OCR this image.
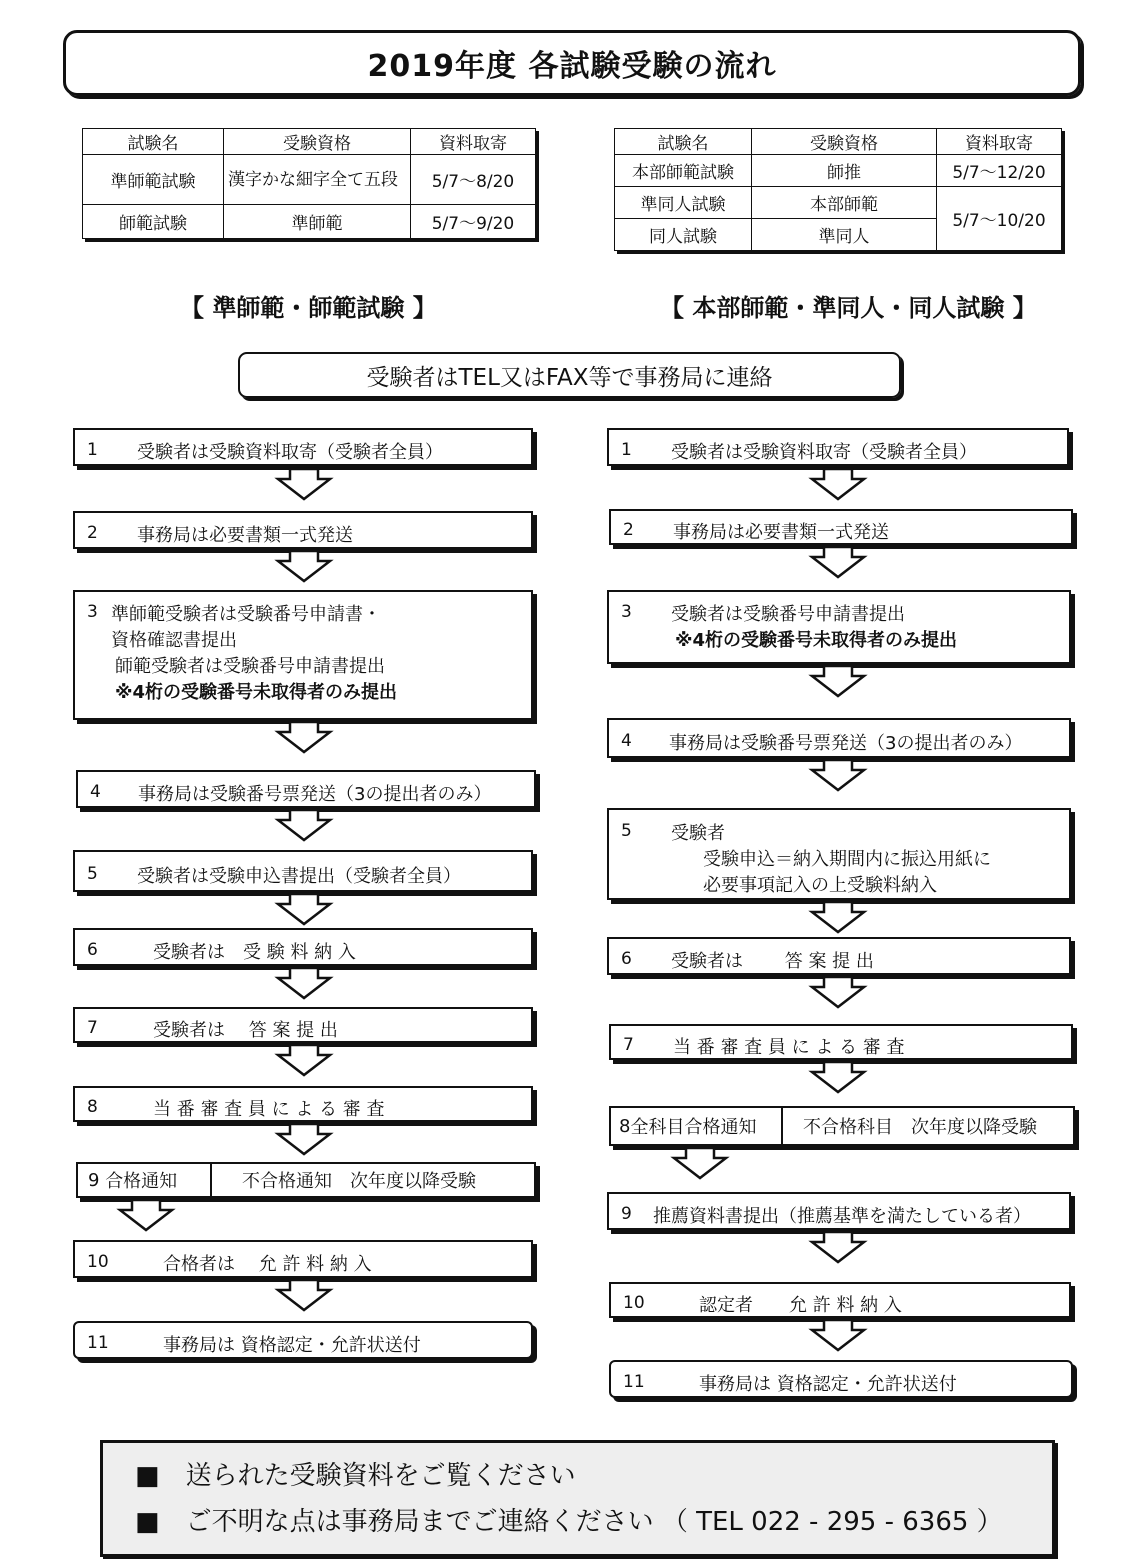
2019年度 各試験受験の流れ
試験名	受験資格	資料取寄
準師範試験	漢字かな細字全て五段	5/7～8/20
師範試験	準師範	5/7～9/20
試験名	受験資格	資料取寄
本部師範試験	師推	5/7～12/20
準同人試験	本部師範	5/7～10/20
同人試験	準同人	
【 準師範・師範試験 】	【 本部師範・準同人・同人試験 】
受験者はTEL又はFAX等で事務局に連絡
1 受験者は受験資料取寄（受験者全員）
2 事務局は必要書類一式発送
3 準師範受験者は受験番号申請書・
資格確認書提出
師範受験者は受験番号申請書提出
※4桁の受験番号未取得者のみ提出
4 事務局は受験番号票発送（3の提出者のみ）
5 受験者は受験申込書提出（受験者全員）
6	受験者は　受 験 料 納 入
7	受験者は　 答 案 提 出
8	当 番 審 査 員 に よ る 審 査
9
合格通知	不合格通知　次年度以降受験
10	合格者は　 允 許 料 納 入
11	事務局は 資格認定・允許状送付
1 受験者は受験資料取寄（受験者全員）
2 事務局は必要書類一式発送
3 受験者は受験番号申請書提出
※4桁の受験番号未取得者のみ提出
4 事務局は受験番号票発送（3の提出者のみ）
5 受験者
受験申込＝納入期間内に振込用紙に
必要事項記入の上受験料納入
6 受験者は　　 答 案 提 出
7 当 番 審 査 員 に よ る 審 査
8 全科目合格通知	不合格科目　次年度以降受験
9 推薦資料書提出（推薦基準を満たしている者）
10	認定者　　允 許 料 納 入
11	事務局は 資格認定・允許状送付
■　送られた受験資料をご覧ください
■　ご不明な点は事務局までご連絡ください （ TEL 022 - 295 - 6365 ）
